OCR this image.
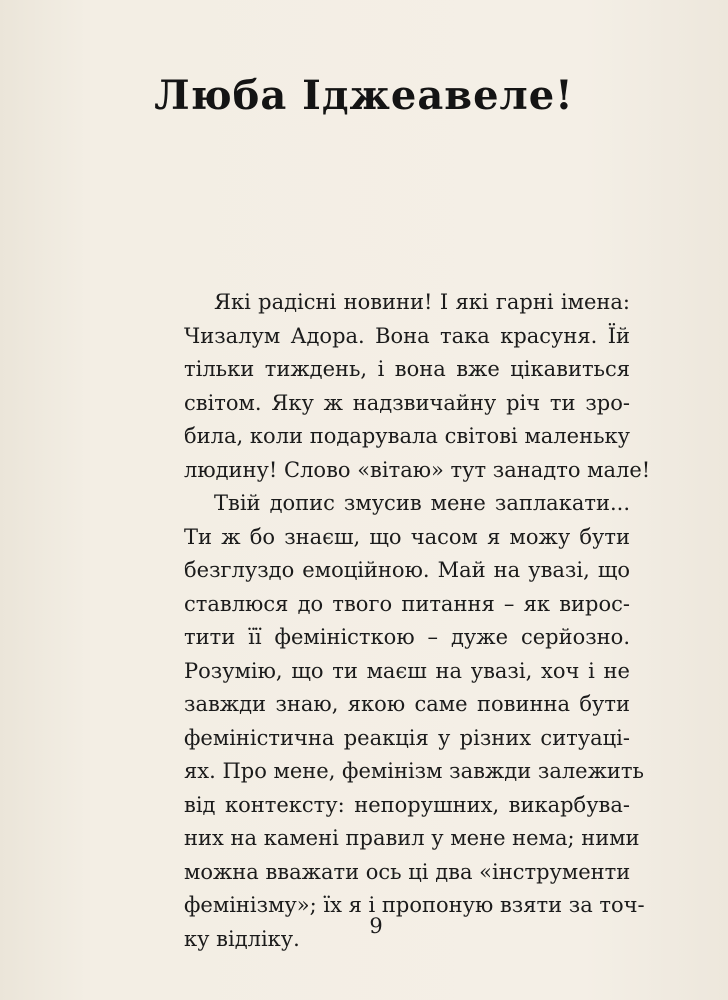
Люба Іджеавеле!
Які радісні новини! І які гарні імена:
Чизалум Адора. Вона така красуня. Їй
тільки тиждень, і вона вже цікавиться
світом. Яку ж надзвичайну річ ти зро-
била, коли подарувала світові маленьку
людину! Слово «вітаю» тут занадто мале!
Твій допис змусив мене заплакати...
Ти ж бо знаєш, що часом я можу бути
безглуздо емоційною. Май на увазі, що
ставлюся до твого питання – як вирос-
тити її феміністкою – дуже серйозно.
Розумію, що ти маєш на увазі, хоч і не
завжди знаю, якою саме повинна бути
феміністична реакція у різних ситуаці-
ях. Про мене, фемінізм завжди залежить
від контексту: непорушних, викарбува-
них на камені правил у мене нема; ними
можна вважати ось ці два «інструменти
фемінізму»; їх я і пропоную взяти за точ-
ку відліку.
9
